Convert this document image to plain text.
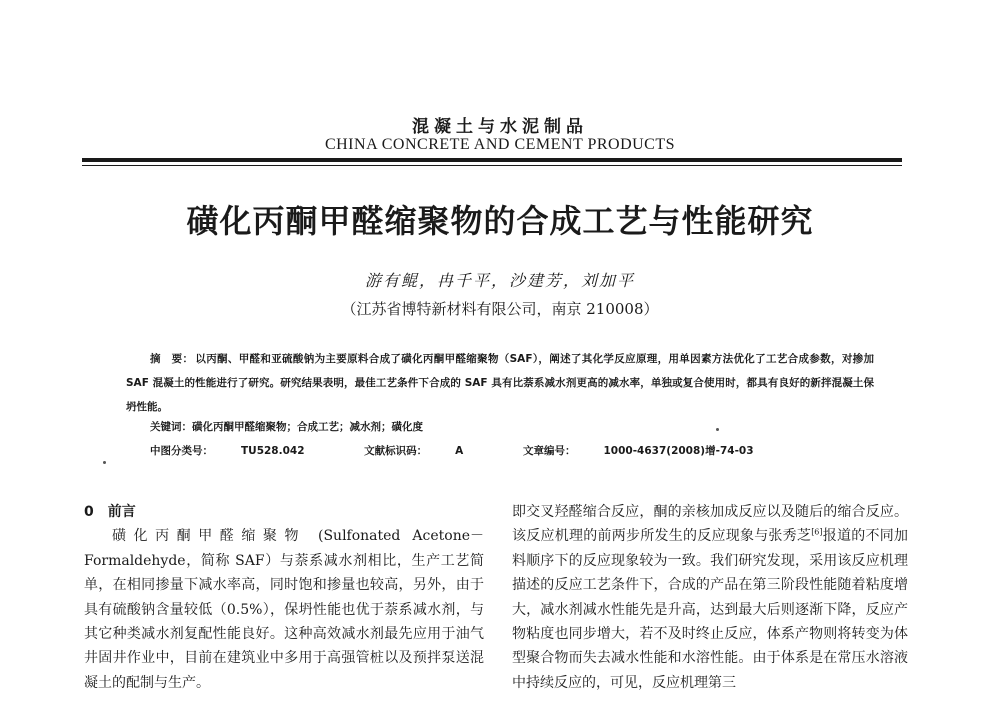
混凝土与水泥制品
CHINA CONCRETE AND CEMENT PRODUCTS
磺化丙酮甲醛缩聚物的合成工艺与性能研究
游有鲲，冉千平，沙建芳，刘加平
（江苏省博特新材料有限公司，南京 210008）
摘　要： 以丙酮、甲醛和亚硫酸钠为主要原料合成了磺化丙酮甲醛缩聚物（SAF），阐述了其化学反应原理，用单因素方法优化了工艺合成参数，对掺加 SAF 混凝土的性能进行了研究。研究结果表明，最佳工艺条件下合成的 SAF 具有比萘系减水剂更高的减水率，单独或复合使用时，都具有良好的新拌混凝土保坍性能。
关键词：磺化丙酮甲醛缩聚物；合成工艺；减水剂；磺化度
中图分类号：	TU528.042	文献标识码：	A	文章编号：	1000-4637(2008)增-74-03
0 前言
磺化丙酮甲醛缩聚物 (Sulfonated Acetone－Formaldehyde，简称 SAF）与萘系减水剂相比，生产工艺简单，在相同掺量下减水率高，同时饱和掺量也较高，另外，由于具有硫酸钠含量较低（0.5%），保坍性能也优于萘系减水剂，与其它种类减水剂复配性能良好。这种高效减水剂最先应用于油气井固井作业中，目前在建筑业中多用于高强管桩以及预拌泵送混凝土的配制与生产。
即交叉羟醛缩合反应，酮的亲核加成反应以及随后的缩合反应。该反应机理的前两步所发生的反应现象与张秀芝[6]报道的不同加料顺序下的反应现象较为一致。我们研究发现，采用该反应机理描述的反应工艺条件下，合成的产品在第三阶段性能随着粘度增大，减水剂减水性能先是升高，达到最大后则逐渐下降，反应产物粘度也同步增大，若不及时终止反应，体系产物则将转变为体型聚合物而失去减水性能和水溶性能。由于体系是在常压水溶液中持续反应的，可见，反应机理第三
